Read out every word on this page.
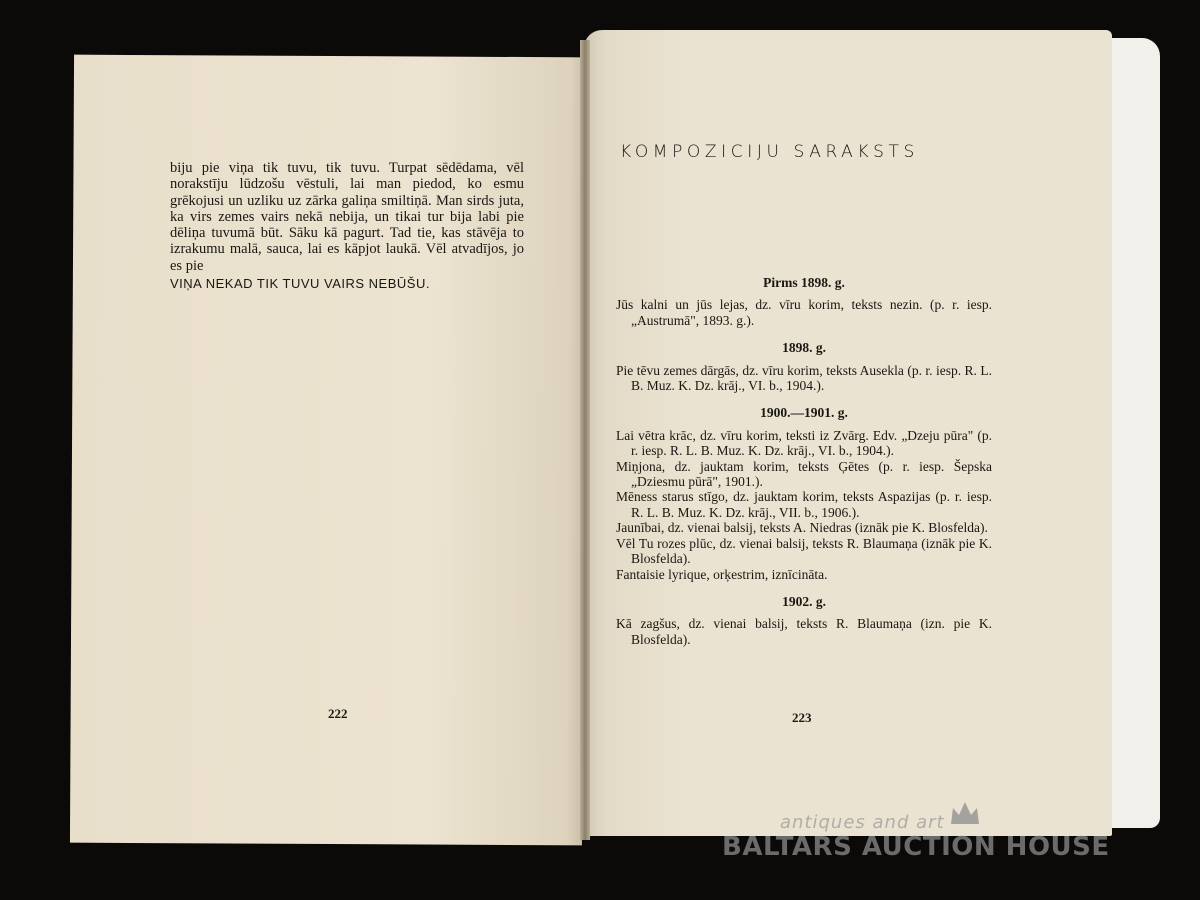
biju pie viņa tik tuvu, tik tuvu. Turpat sēdēdama, vēl norakstīju lūdzošu vēstuli, lai man piedod, ko esmu grēkojusi un uzliku uz zārka galiņa smiltiņā. Man sirds juta, ka virs zemes vairs nekā nebija, un tikai tur bija labi pie dēliņa tuvumā būt. Sāku kā pagurt. Tad tie, kas stāvēja to izrakumu malā, sauca, lai es kāpjot laukā. Vēl atvadījos, jo es pie

VIŅA NEKAD TIK TUVU VAIRS NEBŪŠU.
222
KOMPOZICIJU SARAKSTS
Pirms 1898. g.

Jūs kalni un jūs lejas, dz. vīru korim, teksts nezin. (p. r. iesp. „Austrumā", 1893. g.).

1898. g.

Pie tēvu zemes dārgās, dz. vīru korim, teksts Auseklа (p. r. iesp. R. L. B. Muz. K. Dz. krāj., VI. b., 1904.).

1900.—1901. g.

Lai vētra krāc, dz. vīru korim, teksti iz Zvārg. Edv. „Dzeju pūra" (p. r. iesp. R. L. B. Muz. K. Dz. krāj., VI. b., 1904.).

Miņjona, dz. jauktam korim, teksts Ģētes (p. r. iesp. Šepska „Dziesmu pūrā", 1901.).

Mēness starus stīgo, dz. jauktam korim, teksts Aspazijas (p. r. iesp. R. L. B. Muz. K. Dz. krāj., VII. b., 1906.).

Jaunībai, dz. vienai balsij, teksts A. Niedras (iznāk pie K. Blosfelda).

Vēl Tu rozes plūc, dz. vienai balsij, teksts R. Blaumaņa (iznāk pie K. Blosfelda).

Fantaisie lyrique, orķestrim, iznīcināta.

1902. g.

Kā zagšus, dz. vienai balsij, teksts R. Blaumaņa (izn. pie K. Blosfelda).

223
antiques and art
BALTARS AUCTION HOUSE
